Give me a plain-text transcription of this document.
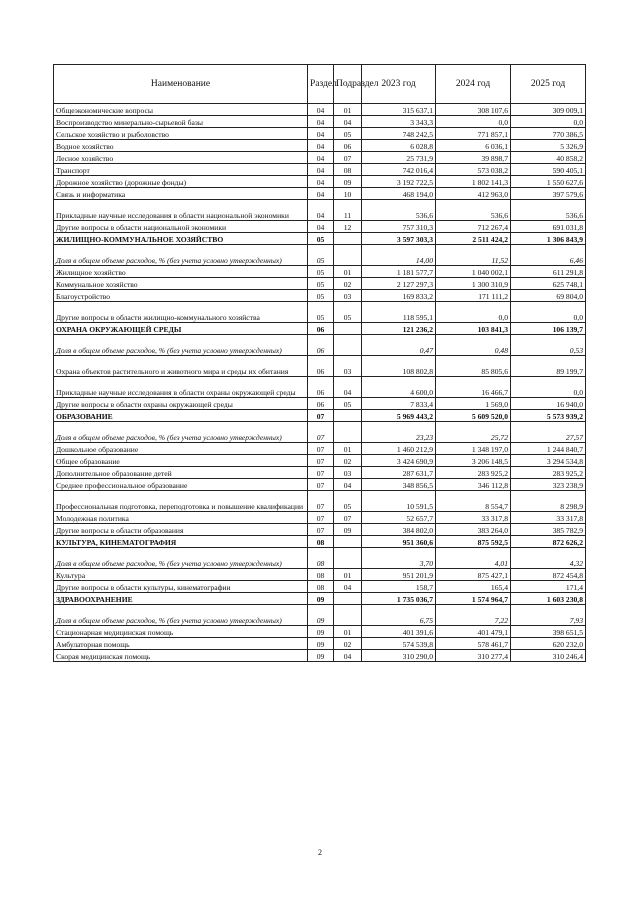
Наименование	Раздел	Подраздел	2023 год	2024 год	2025 год
Общеэкономические вопросы	04	01	315 637,1	308 107,6	309 009,1
Воспроизводство минерально-сырьевой базы	04	04	3 343,3	0,0	0,0
Сельское хозяйство и рыболовство	04	05	748 242,5	771 857,1	770 386,5
Водное хозяйство	04	06	6 028,8	6 036,1	5 326,9
Лесное хозяйство	04	07	25 731,9	39 898,7	40 858,2
Транспорт	04	08	742 016,4	573 038,2	590 405,1
Дорожное хозяйство (дорожные фонды)	04	09	3 192 722,5	1 802 141,3	1 550 627,6
Связь и информатика	04	10	468 194,0	412 963,0	397 579,6
Прикладные научные исследования в области национальной экономики	04	11	536,6	536,6	536,6
Другие вопросы в области национальной экономики	04	12	757 310,3	712 267,4	691 031,8
ЖИЛИЩНО-КОММУНАЛЬНОЕ ХОЗЯЙСТВО	05		3 597 303,3	2 511 424,2	1 306 843,9
Доля в общем объеме расходов, % (без учета условно утвержденных)	05		14,00	11,52	6,46
Жилищное хозяйство	05	01	1 181 577,7	1 040 002,1	611 291,8
Коммунальное хозяйство	05	02	2 127 297,3	1 300 310,9	625 748,1
Благоустройство	05	03	169 833,2	171 111,2	69 804,0
Другие вопросы в области жилищно-коммунального хозяйства	05	05	118 595,1	0,0	0,0
ОХРАНА ОКРУЖАЮЩЕЙ СРЕДЫ	06		121 236,2	103 841,3	106 139,7
Доля в общем объеме расходов, % (без учета условно утвержденных)	06		0,47	0,48	0,53
Охрана объектов растительного и животного мира и среды их обитания	06	03	108 802,8	85 805,6	89 199,7
Прикладные научные исследования в области охраны окружающей среды	06	04	4 600,0	16 466,7	0,0
Другие вопросы в области охраны окружающей среды	06	05	7 833,4	1 569,0	16 940,0
ОБРАЗОВАНИЕ	07		5 969 443,2	5 609 520,0	5 573 939,2
Доля в общем объеме расходов, % (без учета условно утвержденных)	07		23,23	25,72	27,57
Дошкольное образование	07	01	1 460 212,9	1 348 197,0	1 244 840,7
Общее образование	07	02	3 424 690,9	3 206 148,5	3 294 534,8
Дополнительное образование детей	07	03	287 631,7	283 925,2	283 925,2
Среднее профессиональное образование	07	04	348 856,5	346 112,8	323 238,9
Профессиональная подготовка, переподготовка и повышение квалификации	07	05	10 591,5	8 554,7	8 298,9
Молодежная политика	07	07	52 657,7	33 317,8	33 317,8
Другие вопросы в области образования	07	09	384 802,0	383 264,0	385 782,9
КУЛЬТУРА, КИНЕМАТОГРАФИЯ	08		951 360,6	875 592,5	872 626,2
Доля в общем объеме расходов, % (без учета условно утвержденных)	08		3,70	4,01	4,32
Культура	08	01	951 201,9	875 427,1	872 454,8
Другие вопросы в области культуры, кинематографии	08	04	158,7	165,4	171,4
ЗДРАВООХРАНЕНИЕ	09		1 735 036,7	1 574 964,7	1 603 230,8
Доля в общем объеме расходов, % (без учета условно утвержденных)	09		6,75	7,22	7,93
Стационарная медицинская помощь	09	01	401 391,6	401 479,1	398 651,5
Амбулаторная помощь	09	02	574 539,8	578 461,7	620 232,0
Скорая медицинская помощь	09	04	310 290,0	310 277,4	310 246,4
2
